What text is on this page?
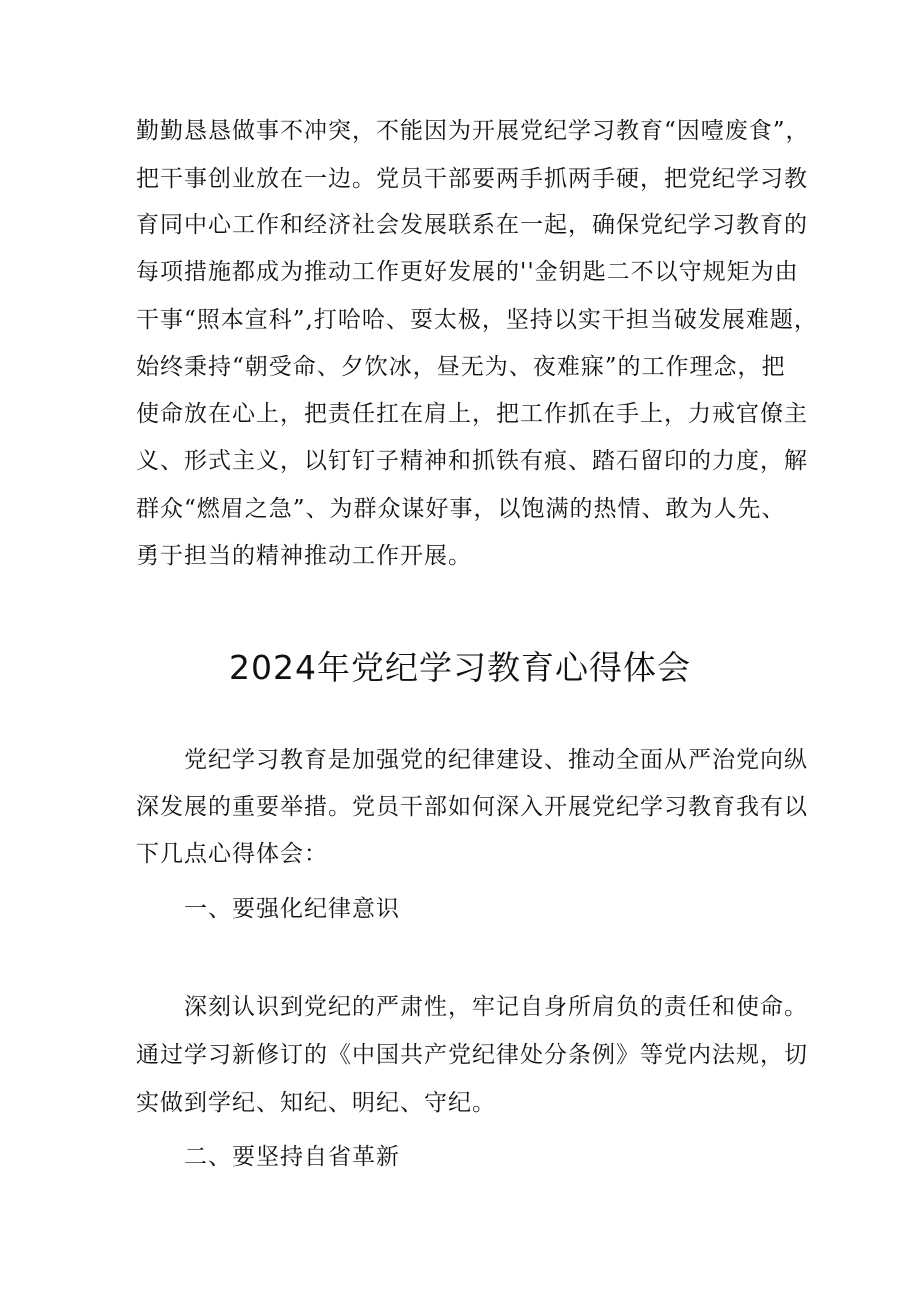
勤勤恳恳做事不冲突，不能因为开展党纪学习教育“因噎废食”，
把干事创业放在一边。党员干部要两手抓两手硬，把党纪学习教
育同中心工作和经济社会发展联系在一起，确保党纪学习教育的
每项措施都成为推动工作更好发展的''金钥匙二不以守规矩为由
干事“照本宣科”,打哈哈、耍太极，坚持以实干担当破发展难题，
始终秉持“朝受命、夕饮冰，昼无为、夜难寐”的工作理念，把
使命放在心上，把责任扛在肩上，把工作抓在手上，力戒官僚主
义、形式主义，以钉钉子精神和抓铁有痕、踏石留印的力度，解
群众“燃眉之急”、为群众谋好事，以饱满的热情、敢为人先、
勇于担当的精神推动工作开展。
2024年党纪学习教育心得体会
党纪学习教育是加强党的纪律建设、推动全面从严治党向纵
深发展的重要举措。党员干部如何深入开展党纪学习教育我有以
下几点心得体会：
一、要强化纪律意识
深刻认识到党纪的严肃性，牢记自身所肩负的责任和使命。
通过学习新修订的《中国共产党纪律处分条例》等党内法规，切
实做到学纪、知纪、明纪、守纪。
二、要坚持自省革新
